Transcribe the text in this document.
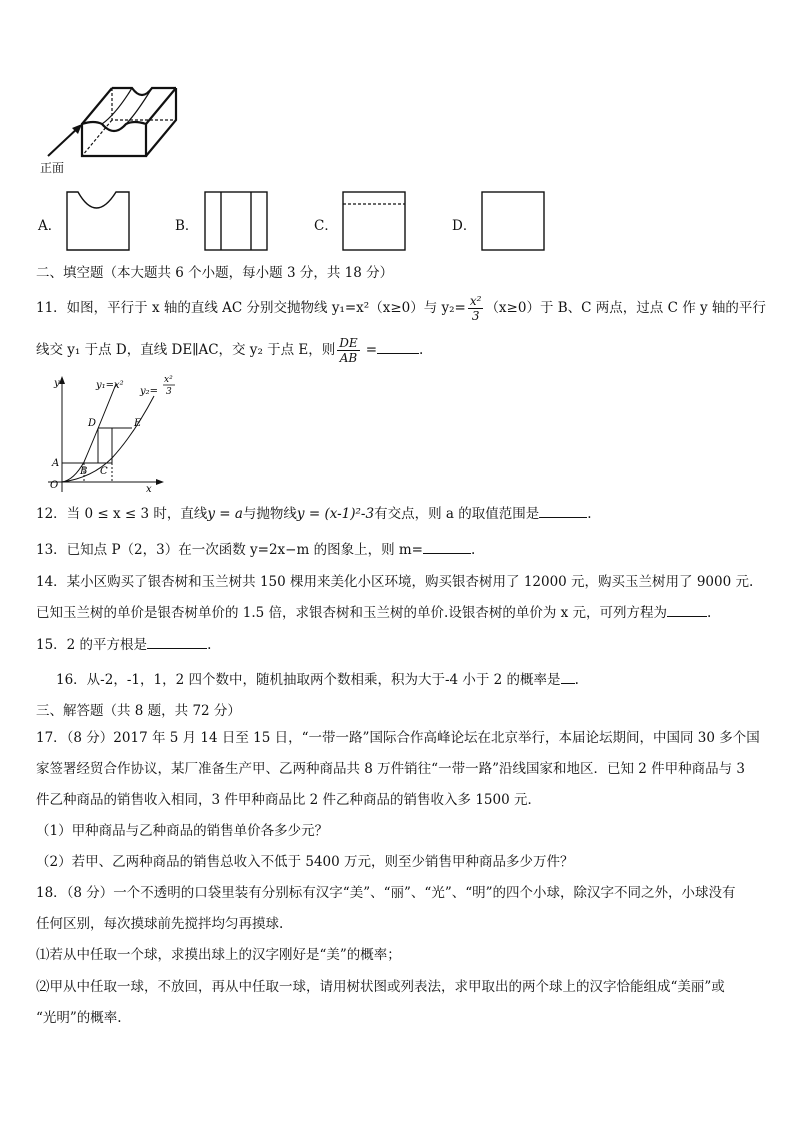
正面
A．	B．	C．	D．
二、填空题（本大题共 6 个小题，每小题 3 分，共 18 分）
11．如图，平行于 x 轴的直线 AC 分别交抛物线 y₁=x²（x≥0）与 $y_2= \frac{\text{x²}}{3} (x\ge 0)$于 B、C 两点，过点 C 作 y 轴的平行
线交 y₁ 于点 D，直线 DE∥AC，交 y₂ 于点 E，则 $\frac{DE}{AB}$ =	.
y
x
O
A
B C
D	E
y₁=x²
y₂=
x²
3
12．当 0 ≤ x ≤ 3 时，直线y = a与抛物线y = (x-1)²-3有交点，则 a 的取值范围是	.
13．已知点 P（2，3）在一次函数 y=2x−m 的图象上，则 m=	.
14．某小区购买了银杏树和玉兰树共 150 棵用来美化小区环境，购买银杏树用了 12000 元，购买玉兰树用了 9000 元.
已知玉兰树的单价是银杏树单价的 1.5 倍，求银杏树和玉兰树的单价.设银杏树的单价为 x 元，可列方程为	.
15．2 的平方根是	.
16．从-2，-1，1，2 四个数中，随机抽取两个数相乘，积为大于-4 小于 2 的概率是 .
三、解答题（共 8 题，共 72 分）
17．（8 分）2017 年 5 月 14 日至 15 日，“一带一路”国际合作高峰论坛在北京举行，本届论坛期间，中国同 30 多个国
家签署经贸合作协议，某厂准备生产甲、乙两种商品共 8 万件销往“一带一路”沿线国家和地区．已知 2 件甲种商品与 3
件乙种商品的销售收入相同，3 件甲种商品比 2 件乙种商品的销售收入多 1500 元．
（1）甲种商品与乙种商品的销售单价各多少元？
（2）若甲、乙两种商品的销售总收入不低于 5400 万元，则至少销售甲种商品多少万件？
18．（8 分）一个不透明的口袋里装有分别标有汉字“美”、“丽”、“光”、“明”的四个小球，除汉字不同之外，小球没有
任何区别，每次摸球前先搅拌均匀再摸球.
⑴若从中任取一个球，求摸出球上的汉字刚好是“美”的概率；
⑵甲从中任取一球，不放回，再从中任取一球，请用树状图或列表法，求甲取出的两个球上的汉字恰能组成“美丽”或
“光明”的概率.
